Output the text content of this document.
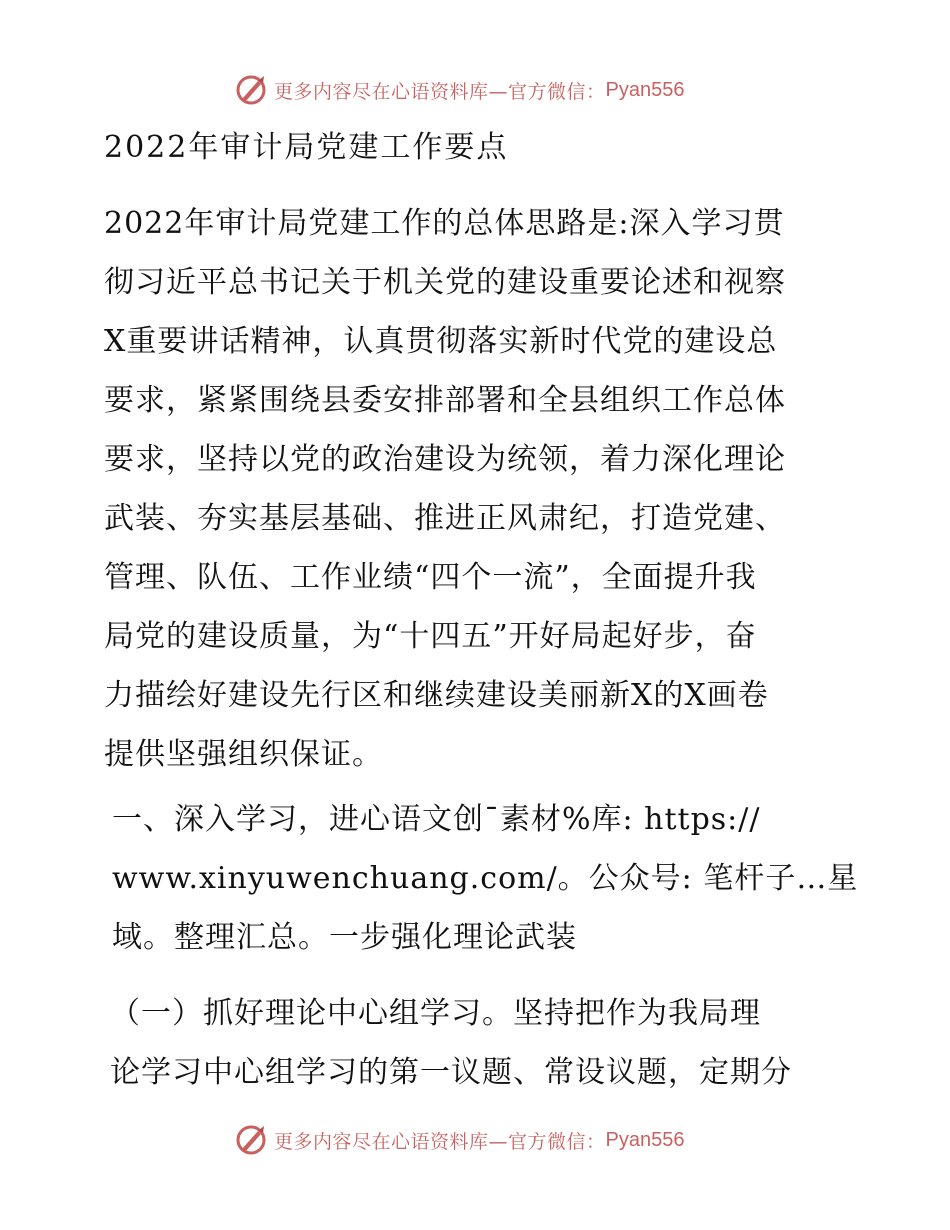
更多内容尽在心语资料库—官方微信： Pyan556
2022年审计局党建工作要点
2022年审计局党建工作的总体思路是:深入学习贯
彻习近平总书记关于机关党的建设重要论述和视察
X重要讲话精神，认真贯彻落实新时代党的建设总
要求，紧紧围绕县委安排部署和全县组织工作总体
要求，坚持以党的政治建设为统领，着力深化理论
武装、夯实基层基础、推进正风肃纪，打造党建、
管理、队伍、工作业绩“四个一流”，全面提升我
局党的建设质量，为“十四五”开好局起好步，奋
力描绘好建设先行区和继续建设美丽新X的X画卷
提供坚强组织保证。
一、深入学习，进心语文创¯素材%库: https://
www.xinyuwenchuang.com/。公众号: 笔杆子…星
域。整理汇总。一步强化理论武装
（一）抓好理论中心组学习。坚持把作为我局理
论学习中心组学习的第一议题、常设议题，定期分
更多内容尽在心语资料库—官方微信： Pyan556
